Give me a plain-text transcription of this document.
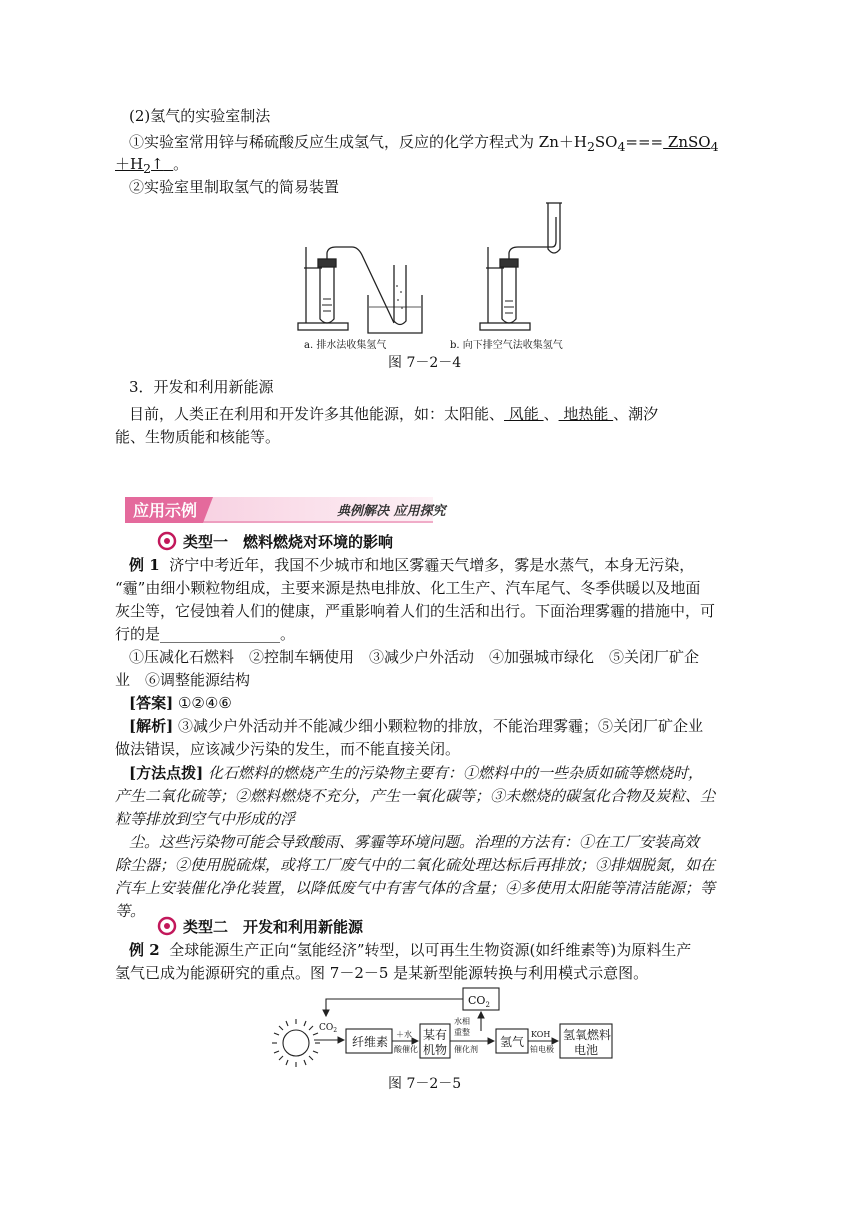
(2)氢气的实验室制法
①实验室常用锌与稀硫酸反应生成氢气，反应的化学方程式为 $Zn+H_2SO_4===$ ZnSO$_4$
$+H_2↑$ 。
②实验室里制取氢气的简易装置
a. 排水法收集氢气	b. 向下排空气法收集氢气
图 7－2－4
3．开发和利用新能源
目前，人类正在利用和开发许多其他能源，如：太阳能、 风能 、 地热能 、潮汐
能、生物质能和核能等。
应用示例	典例解决 应用探究
类型一　燃料燃烧对环境的影响
例 1 济宁中考近年，我国不少城市和地区雾霾天气增多，雾是水蒸气，本身无污染，
“霾”由细小颗粒物组成，主要来源是热电排放、化工生产、汽车尾气、冬季供暖以及地面
灰尘等，它侵蚀着人们的健康，严重影响着人们的生活和出行。下面治理雾霾的措施中，可
行的是________________。
①压减化石燃料　②控制车辆使用　③减少户外活动　④加强城市绿化　⑤关闭厂矿企
业　⑥调整能源结构
[答案] ①②④⑥
[解析] ③减少户外活动并不能减少细小颗粒物的排放，不能治理雾霾；⑤关闭厂矿企业
做法错误，应该减少污染的发生，而不能直接关闭。
[方法点拨] 化石燃料的燃烧产生的污染物主要有：①燃料中的一些杂质如硫等燃烧时，
产生二氧化硫等；②燃料燃烧不充分，产生一氧化碳等；③未燃烧的碳氢化合物及炭粒、尘
粒等排放到空气中形成的浮
尘。这些污染物可能会导致酸雨、雾霾等环境问题。治理的方法有：①在工厂安装高效
除尘器；②使用脱硫煤，或将工厂废气中的二氧化硫处理达标后再排放；③排烟脱氮，如在
汽车上安装催化净化装置，以降低废气中有害气体的含量；④多使用太阳能等清洁能源；等
等。
类型二　开发和利用新能源
例 2 全球能源生产正向“氢能经济”转型，以可再生生物资源(如纤维素等)为原料生产
氢气已成为能源研究的重点。图 7－2－5 是某新型能源转换与利用模式示意图。
$CO_2$
$CO_2$
纤维素
＋水
酸催化
某有
机物
水相
重整
催化剂
氢气
KOH
铂电极
氢氧燃料
电池
图 7－2－5
